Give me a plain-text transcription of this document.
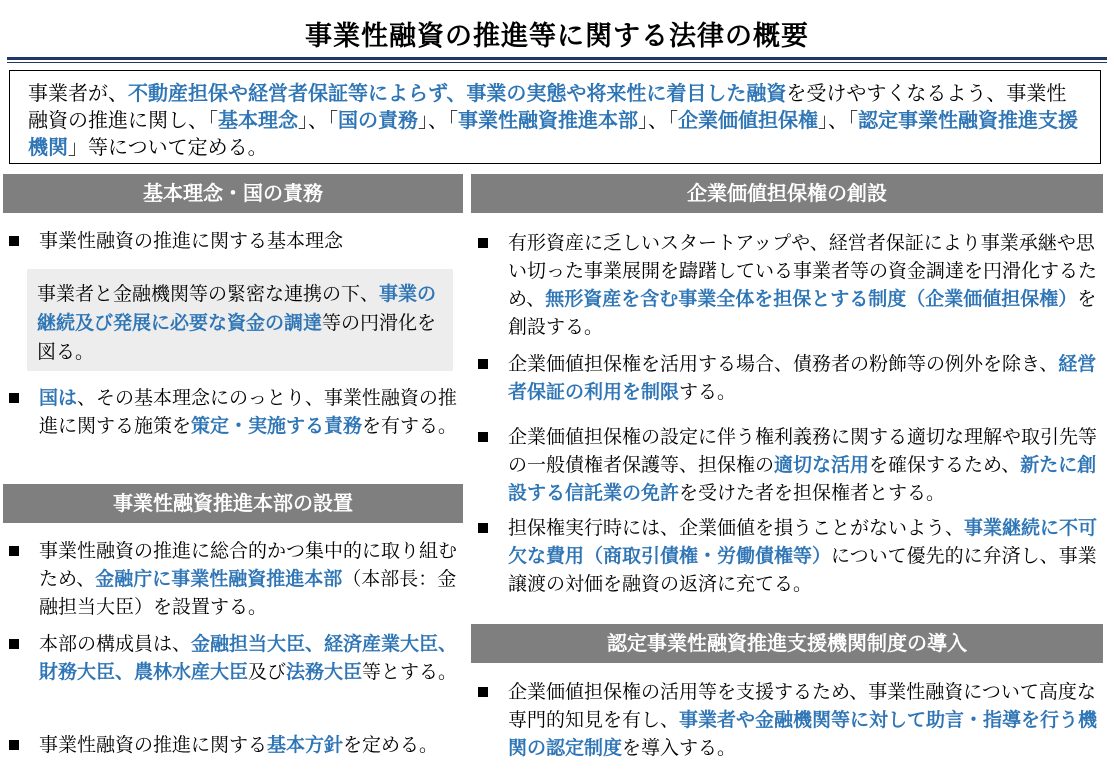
事業性融資の推進等に関する法律の概要
事業者が、不動産担保や経営者保証等によらず、事業の実態や将来性に着目した融資を受けやすくなるよう、事業性融資の推進に関し、「基本理念」、「国の責務」、「事業性融資推進本部」、「企業価値担保権」、「認定事業性融資推進支援機関」等について定める。
基本理念・国の責務
事業性融資の推進に関する基本理念
事業者と金融機関等の緊密な連携の下、事業の継続及び発展に必要な資金の調達等の円滑化を図る。
国は、その基本理念にのっとり、事業性融資の推進に関する施策を策定・実施する責務を有する。
事業性融資推進本部の設置
事業性融資の推進に総合的かつ集中的に取り組むため、金融庁に事業性融資推進本部（本部長：金融担当大臣）を設置する。
本部の構成員は、金融担当大臣、経済産業大臣、財務大臣、農林水産大臣及び法務大臣等とする。
事業性融資の推進に関する基本方針を定める。
企業価値担保権の創設
有形資産に乏しいスタートアップや、経営者保証により事業承継や思い切った事業展開を躊躇している事業者等の資金調達を円滑化するため、無形資産を含む事業全体を担保とする制度（企業価値担保権）を創設する。
企業価値担保権を活用する場合、債務者の粉飾等の例外を除き、経営者保証の利用を制限する。
企業価値担保権の設定に伴う権利義務に関する適切な理解や取引先等の一般債権者保護等、担保権の適切な活用を確保するため、新たに創設する信託業の免許を受けた者を担保権者とする。
担保権実行時には、企業価値を損うことがないよう、事業継続に不可欠な費用（商取引債権・労働債権等）について優先的に弁済し、事業譲渡の対価を融資の返済に充てる。
認定事業性融資推進支援機関制度の導入
企業価値担保権の活用等を支援するため、事業性融資について高度な専門的知見を有し、事業者や金融機関等に対して助言・指導を行う機関の認定制度を導入する。
